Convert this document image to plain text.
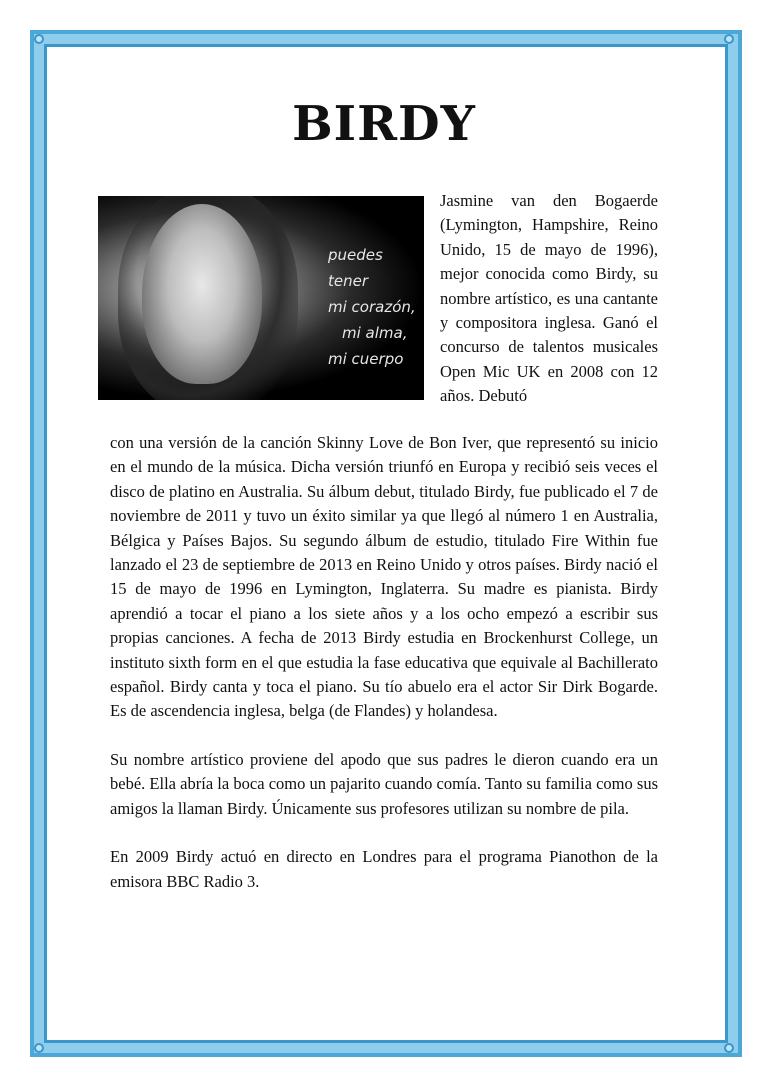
BIRDY
puedes tener
mi corazón,
mi alma,
mi cuerpo
Jasmine van den Bogaerde (Lymington, Hampshire, Reino Unido, 15 de mayo de 1996), mejor conocida como Birdy, su nombre artístico, es una cantante y compositora inglesa. Ganó el concurso de talentos musicales Open Mic UK en 2008 con 12 años. Debutó

con una versión de la canción Skinny Love de Bon Iver, que representó su inicio en el mundo de la música. Dicha versión triunfó en Europa y recibió seis veces el disco de platino en Australia. Su álbum debut, titulado Birdy, fue publicado el 7 de noviembre de 2011 y tuvo un éxito similar ya que llegó al número 1 en Australia, Bélgica y Países Bajos. Su segundo álbum de estudio, titulado Fire Within fue lanzado el 23 de septiembre de 2013 en Reino Unido y otros países. Birdy nació el 15 de mayo de 1996 en Lymington, Inglaterra. Su madre es pianista. Birdy aprendió a tocar el piano a los siete años y a los ocho empezó a escribir sus propias canciones. A fecha de 2013 Birdy estudia en Brockenhurst College, un instituto sixth form en el que estudia la fase educativa que equivale al Bachillerato español. Birdy canta y toca el piano. Su tío abuelo era el actor Sir Dirk Bogarde. Es de ascendencia inglesa, belga (de Flandes) y holandesa.

Su nombre artístico proviene del apodo que sus padres le dieron cuando era un bebé. Ella abría la boca como un pajarito cuando comía. Tanto su familia como sus amigos la llaman Birdy. Únicamente sus profesores utilizan su nombre de pila.

En 2009 Birdy actuó en directo en Londres para el programa Pianothon de la emisora BBC Radio 3.
